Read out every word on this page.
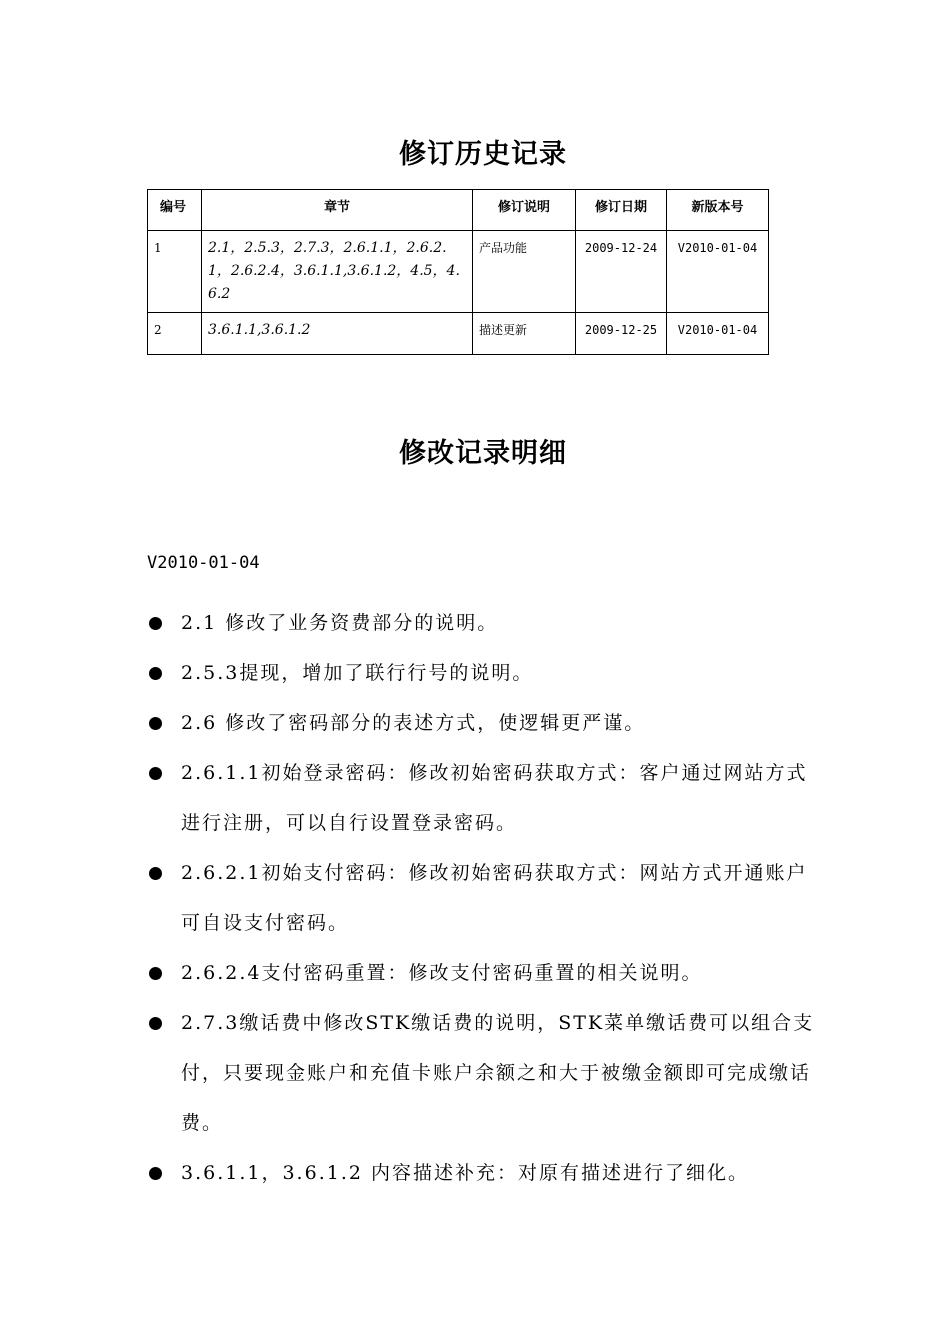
修订历史记录
编号	章节	修订说明	修订日期	新版本号
1	2.1，2.5.3，2.7.3，2.6.1.1，2.6.2.1，2.6.2.4，3.6.1.1,3.6.1.2，4.5，4.6.2	产品功能	2009-12-24	V2010-01-04
2	3.6.1.1,3.6.1.2	描述更新	2009-12-25	V2010-01-04
修改记录明细
V2010-01-04
2.1 修改了业务资费部分的说明。
2.5.3提现，增加了联行行号的说明。
2.6 修改了密码部分的表述方式，使逻辑更严谨。
2.6.1.1初始登录密码：修改初始密码获取方式：客户通过网站方式进行注册，可以自行设置登录密码。
2.6.2.1初始支付密码：修改初始密码获取方式：网站方式开通账户可自设支付密码。
2.6.2.4支付密码重置：修改支付密码重置的相关说明。
2.7.3缴话费中修改STK缴话费的说明，STK菜单缴话费可以组合支付，只要现金账户和充值卡账户余额之和大于被缴金额即可完成缴话费。
3.6.1.1，3.6.1.2 内容描述补充：对原有描述进行了细化。
